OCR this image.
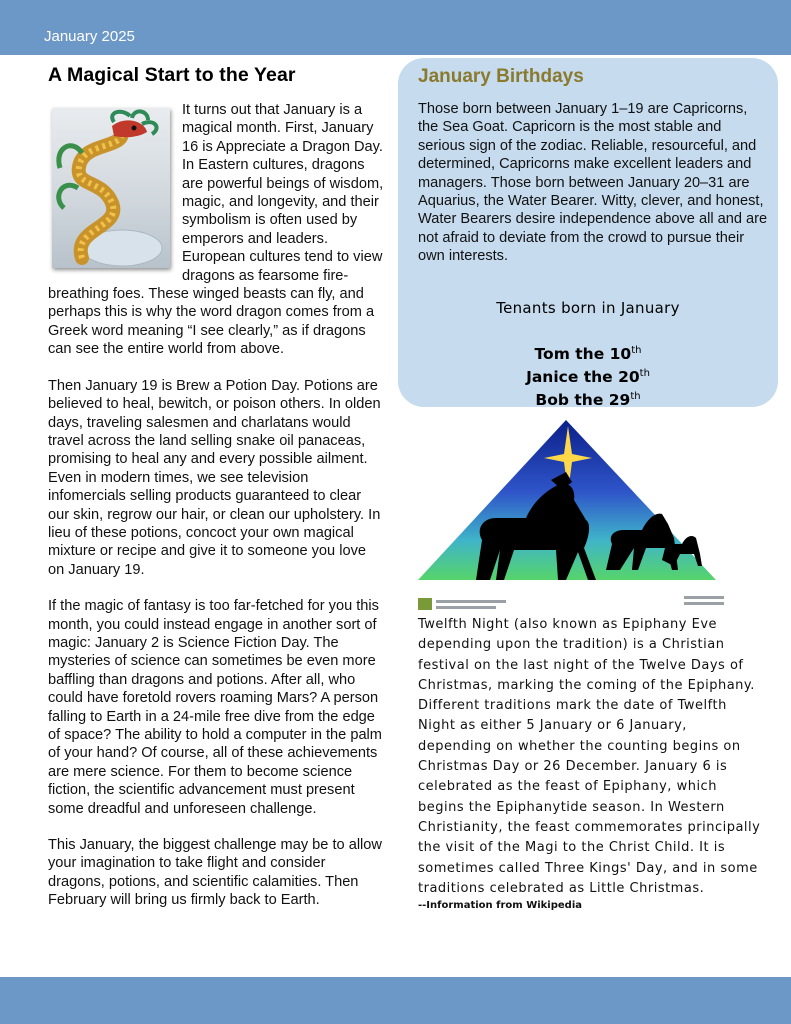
January 2025
A Magical Start to the Year

It turns out that January is a magical month. First, January 16 is Appreciate a Dragon Day. In Eastern cultures, dragons are powerful beings of wisdom, magic, and longevity, and their symbolism is often used by emperors and leaders. European cultures tend to view dragons as fearsome fire-breathing foes. These winged beasts can fly, and perhaps this is why the word dragon comes from a Greek word meaning “I see clearly,” as if dragons can see the entire world from above.

Then January 19 is Brew a Potion Day. Potions are believed to heal, bewitch, or poison others. In olden days, traveling salesmen and charlatans would travel across the land selling snake oil panaceas, promising to heal any and every possible ailment. Even in modern times, we see television infomercials selling products guaranteed to clear our skin, regrow our hair, or clean our upholstery. In lieu of these potions, concoct your own magical mixture or recipe and give it to someone you love on January 19.

If the magic of fantasy is too far-fetched for you this month, you could instead engage in another sort of magic: January 2 is Science Fiction Day. The mysteries of science can sometimes be even more baffling than dragons and potions. After all, who could have foretold rovers roaming Mars? A person falling to Earth in a 24-mile free dive from the edge of space? The ability to hold a computer in the palm of your hand? Of course, all of these achievements are mere science. For them to become science fiction, the scientific advancement must present some dreadful and unforeseen challenge.

This January, the biggest challenge may be to allow your imagination to take flight and consider dragons, potions, and scientific calamities. Then February will bring us firmly back to Earth.

January Birthdays
Those born between January 1–19 are Capricorns, the Sea Goat. Capricorn is the most stable and serious sign of the zodiac. Reliable, resourceful, and determined, Capricorns make excellent leaders and managers. Those born between January 20–31 are Aquarius, the Water Bearer. Witty, clever, and honest, Water Bearers desire independence above all and are not afraid to deviate from the crowd to pursue their own interests.
Tenants born in January
Tom the 10th
Janice the 20th
Bob the 29th
Twelfth Night (also known as Epiphany Eve depending upon the tradition) is a Christian festival on the last night of the Twelve Days of Christmas, marking the coming of the Epiphany. Different traditions mark the date of Twelfth Night as either 5 January or 6 January, depending on whether the counting begins on Christmas Day or 26 December. January 6 is celebrated as the feast of Epiphany, which begins the Epiphanytide season. In Western Christianity, the feast commemorates principally the visit of the Magi to the Christ Child. It is sometimes called Three Kings' Day, and in some traditions celebrated as Little Christmas.
--Information from Wikipedia
